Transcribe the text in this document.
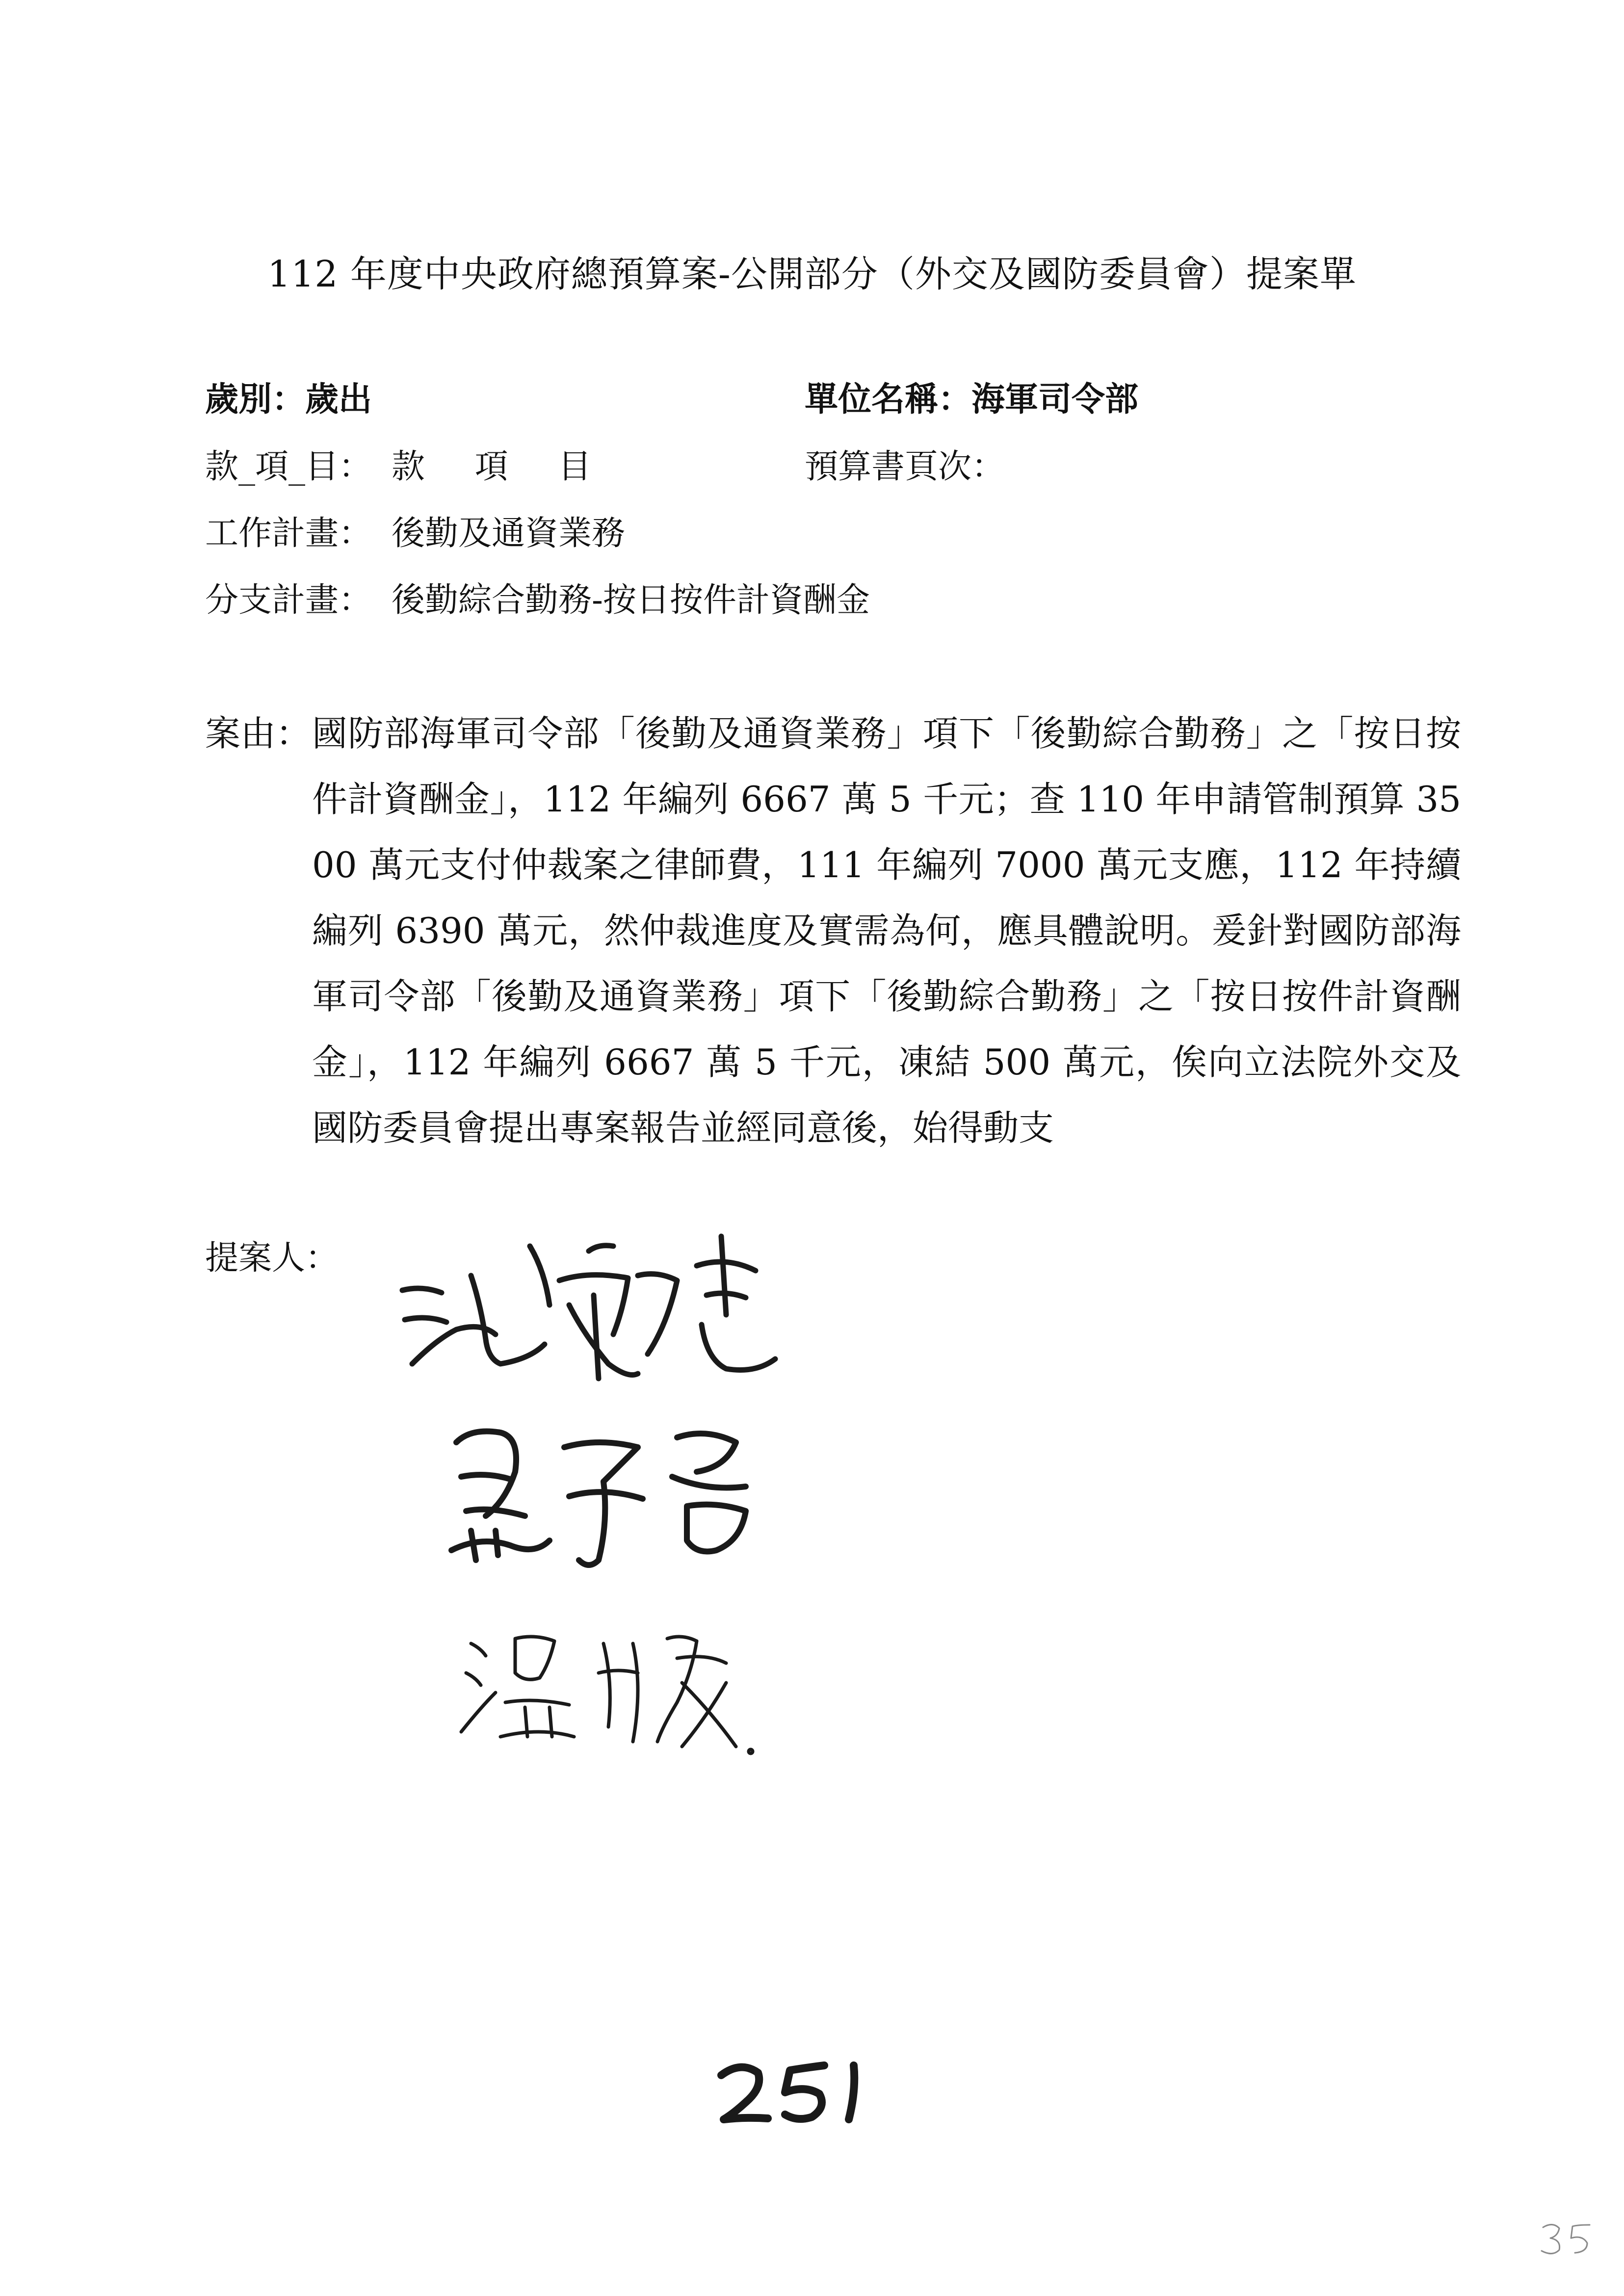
112 年度中央政府總預算案-公開部分（外交及國防委員會）提案單
歲別：歲出	單位名稱：海軍司令部
款_項_目： 款 項 目	預算書頁次：
工作計畫： 後勤及通資業務
分支計畫： 後勤綜合勤務-按日按件計資酬金
案由： 國防部海軍司令部「後勤及通資業務」項下「後勤綜合勤務」之「按日按件計資酬金」，112 年編列 6667 萬 5 千元；查 110 年申請管制預算 3500 萬元支付仲裁案之律師費，111 年編列 7000 萬元支應，112 年持續編列 6390 萬元，然仲裁進度及實需為何，應具體說明。爰針對國防部海軍司令部「後勤及通資業務」項下「後勤綜合勤務」之「按日按件計資酬金」，112 年編列 6667 萬 5 千元，凍結 500 萬元，俟向立法院外交及國防委員會提出專案報告並經同意後，始得動支
提案人：
